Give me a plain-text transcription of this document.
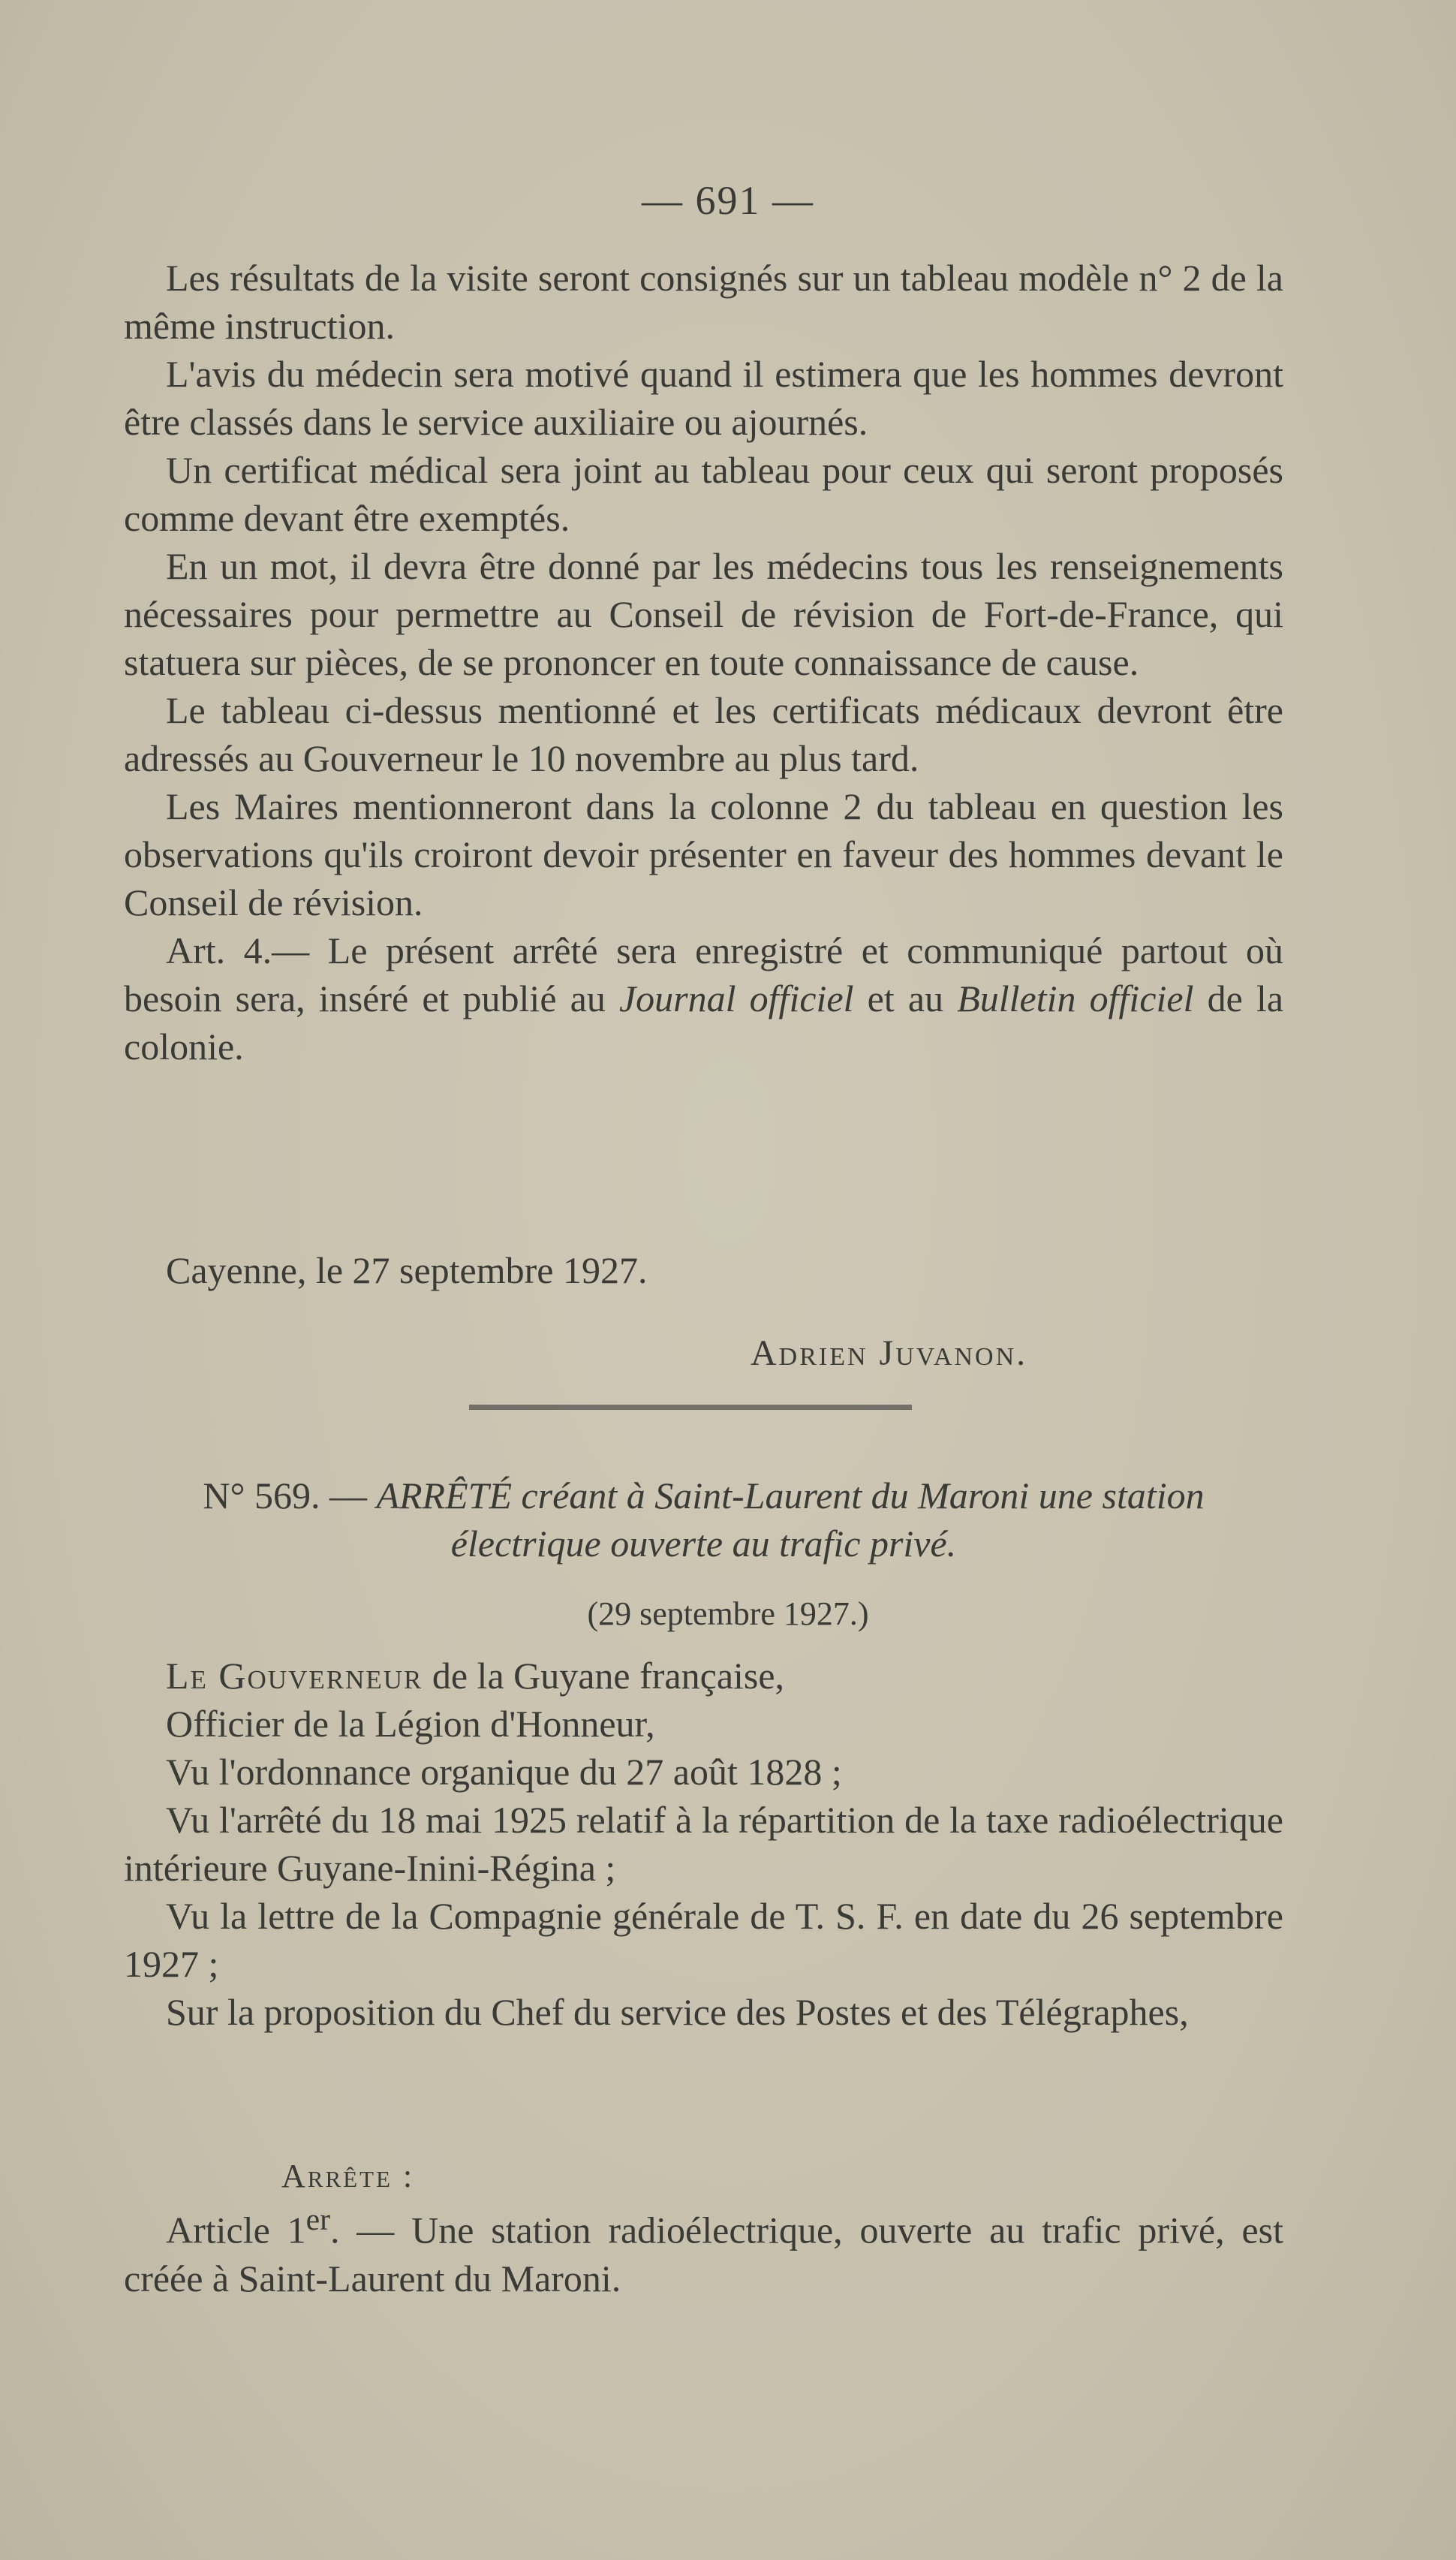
— 691 —

Les résultats de la visite seront consignés sur un tableau modèle n° 2 de la même instruction.

L'avis du médecin sera motivé quand il estimera que les hommes devront être classés dans le service auxiliaire ou ajournés.

Un certificat médical sera joint au tableau pour ceux qui seront proposés comme devant être exemptés.

En un mot, il devra être donné par les médecins tous les renseignements nécessaires pour permettre au Conseil de révision de Fort-de-France, qui statuera sur pièces, de se prononcer en toute connaissance de cause.

Le tableau ci-dessus mentionné et les certificats médicaux devront être adressés au Gouverneur le 10 novembre au plus tard.

Les Maires mentionneront dans la colonne 2 du tableau en question les observations qu'ils croiront devoir présenter en faveur des hommes devant le Conseil de révision.

Art. 4.— Le présent arrêté sera enregistré et communiqué partout où besoin sera, inséré et publié au Journal officiel et au Bulletin officiel de la colonie.

Cayenne, le 27 septembre 1927.

Adrien Juvanon.
N° 569. — ARRÊTÉ créant à Saint-Laurent du Maroni une station électrique ouverte au trafic privé.
(29 septembre 1927.)

Le Gouverneur de la Guyane française,

Officier de la Légion d'Honneur,

Vu l'ordonnance organique du 27 août 1828 ;

Vu l'arrêté du 18 mai 1925 relatif à la répartition de la taxe radioélectrique intérieure Guyane-Inini-Régina ;

Vu la lettre de la Compagnie générale de T. S. F. en date du 26 septembre 1927 ;

Sur la proposition du Chef du service des Postes et des Télégraphes,

Arrête :

Article 1er. — Une station radioélectrique, ouverte au trafic privé, est créée à Saint-Laurent du Maroni.
